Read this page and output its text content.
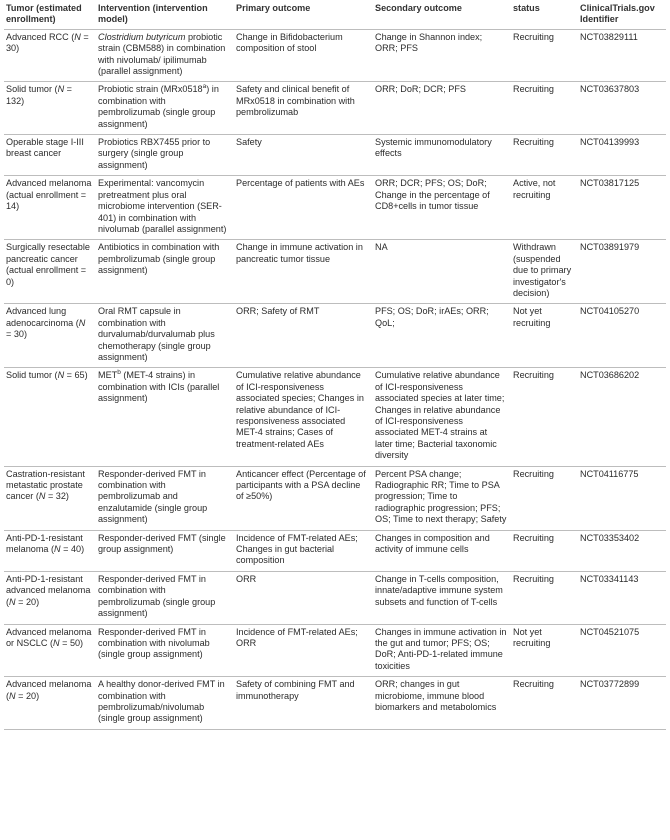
Tumor (estimated enrollment)	Intervention (intervention model)	Primary outcome	Secondary outcome	status	ClinicalTrials.gov Identifier
Advanced RCC (N = 30)	Clostridium butyricum probiotic strain (CBM588) in combination with nivolumab/ ipilimumab (parallel assignment)	Change in Bifidobacterium composition of stool	Change in Shannon index; ORR; PFS	Recruiting	NCT03829111
Solid tumor (N = 132)	Probiotic strain (MRx0518$^a$) in combination with pembrolizumab (single group assignment)	Safety and clinical benefit of MRx0518 in combination with pembrolizumab	ORR; DoR; DCR; PFS	Recruiting	NCT03637803
Operable stage I-III breast cancer	Probiotics RBX7455 prior to surgery (single group assignment)	Safety	Systemic immunomodulatory effects	Recruiting	NCT04139993
Advanced melanoma (actual enrollment = 14)	Experimental: vancomycin pretreatment plus oral microbiome intervention (SER-401) in combination with nivolumab (parallel assignment)	Percentage of patients with AEs	ORR; DCR; PFS; OS; DoR; Change in the percentage of CD8+cells in tumor tissue	Active, not recruiting	NCT03817125
Surgically resectable pancreatic cancer (actual enrollment = 0)	Antibiotics in combination with pembrolizumab (single group assignment)	Change in immune activation in pancreatic tumor tissue	NA	Withdrawn (suspended due to primary investigator's decision)	NCT03891979
Advanced lung adenocarcinoma (N = 30)	Oral RMT capsule in combination with durvalumab/durvalumab plus chemotherapy (single group assignment)	ORR; Safety of RMT	PFS; OS; DoR; irAEs; ORR; QoL;	Not yet recruiting	NCT04105270
Solid tumor (N = 65)	MET$^b$ (MET-4 strains) in combination with ICIs (parallel assignment)	Cumulative relative abundance of ICI-responsiveness associated species; Changes in relative abundance of ICI-responsiveness associated MET-4 strains; Cases of treatment-related AEs	Cumulative relative abundance of ICI-responsiveness associated species at later time; Changes in relative abundance of ICI-responsiveness associated MET-4 strains at later time; Bacterial taxonomic diversity	Recruiting	NCT03686202
Castration-resistant metastatic prostate cancer (N = 32)	Responder-derived FMT in combination with pembrolizumab and enzalutamide (single group assignment)	Anticancer effect (Percentage of participants with a PSA decline of ≥50%)	Percent PSA change; Radiographic RR; Time to PSA progression; Time to radiographic progression; PFS; OS; Time to next therapy; Safety	Recruiting	NCT04116775
Anti-PD-1-resistant melanoma (N = 40)	Responder-derived FMT (single group assignment)	Incidence of FMT-related AEs; Changes in gut bacterial composition	Changes in composition and activity of immune cells	Recruiting	NCT03353402
Anti-PD-1-resistant advanced melanoma (N = 20)	Responder-derived FMT in combination with pembrolizumab (single group assignment)	ORR	Change in T-cells composition, innate/adaptive immune system subsets and function of T-cells	Recruiting	NCT03341143
Advanced melanoma or NSCLC (N = 50)	Responder-derived FMT in combination with nivolumab (single group assignment)	Incidence of FMT-related AEs; ORR	Changes in immune activation in the gut and tumor; PFS; OS; DoR; Anti-PD-1-related immune toxicities	Not yet recruiting	NCT04521075
Advanced melanoma (N = 20)	A healthy donor-derived FMT in combination with pembrolizumab/nivolumab (single group assignment)	Safety of combining FMT and immunotherapy	ORR; changes in gut microbiome, immune blood biomarkers and metabolomics	Recruiting	NCT03772899
